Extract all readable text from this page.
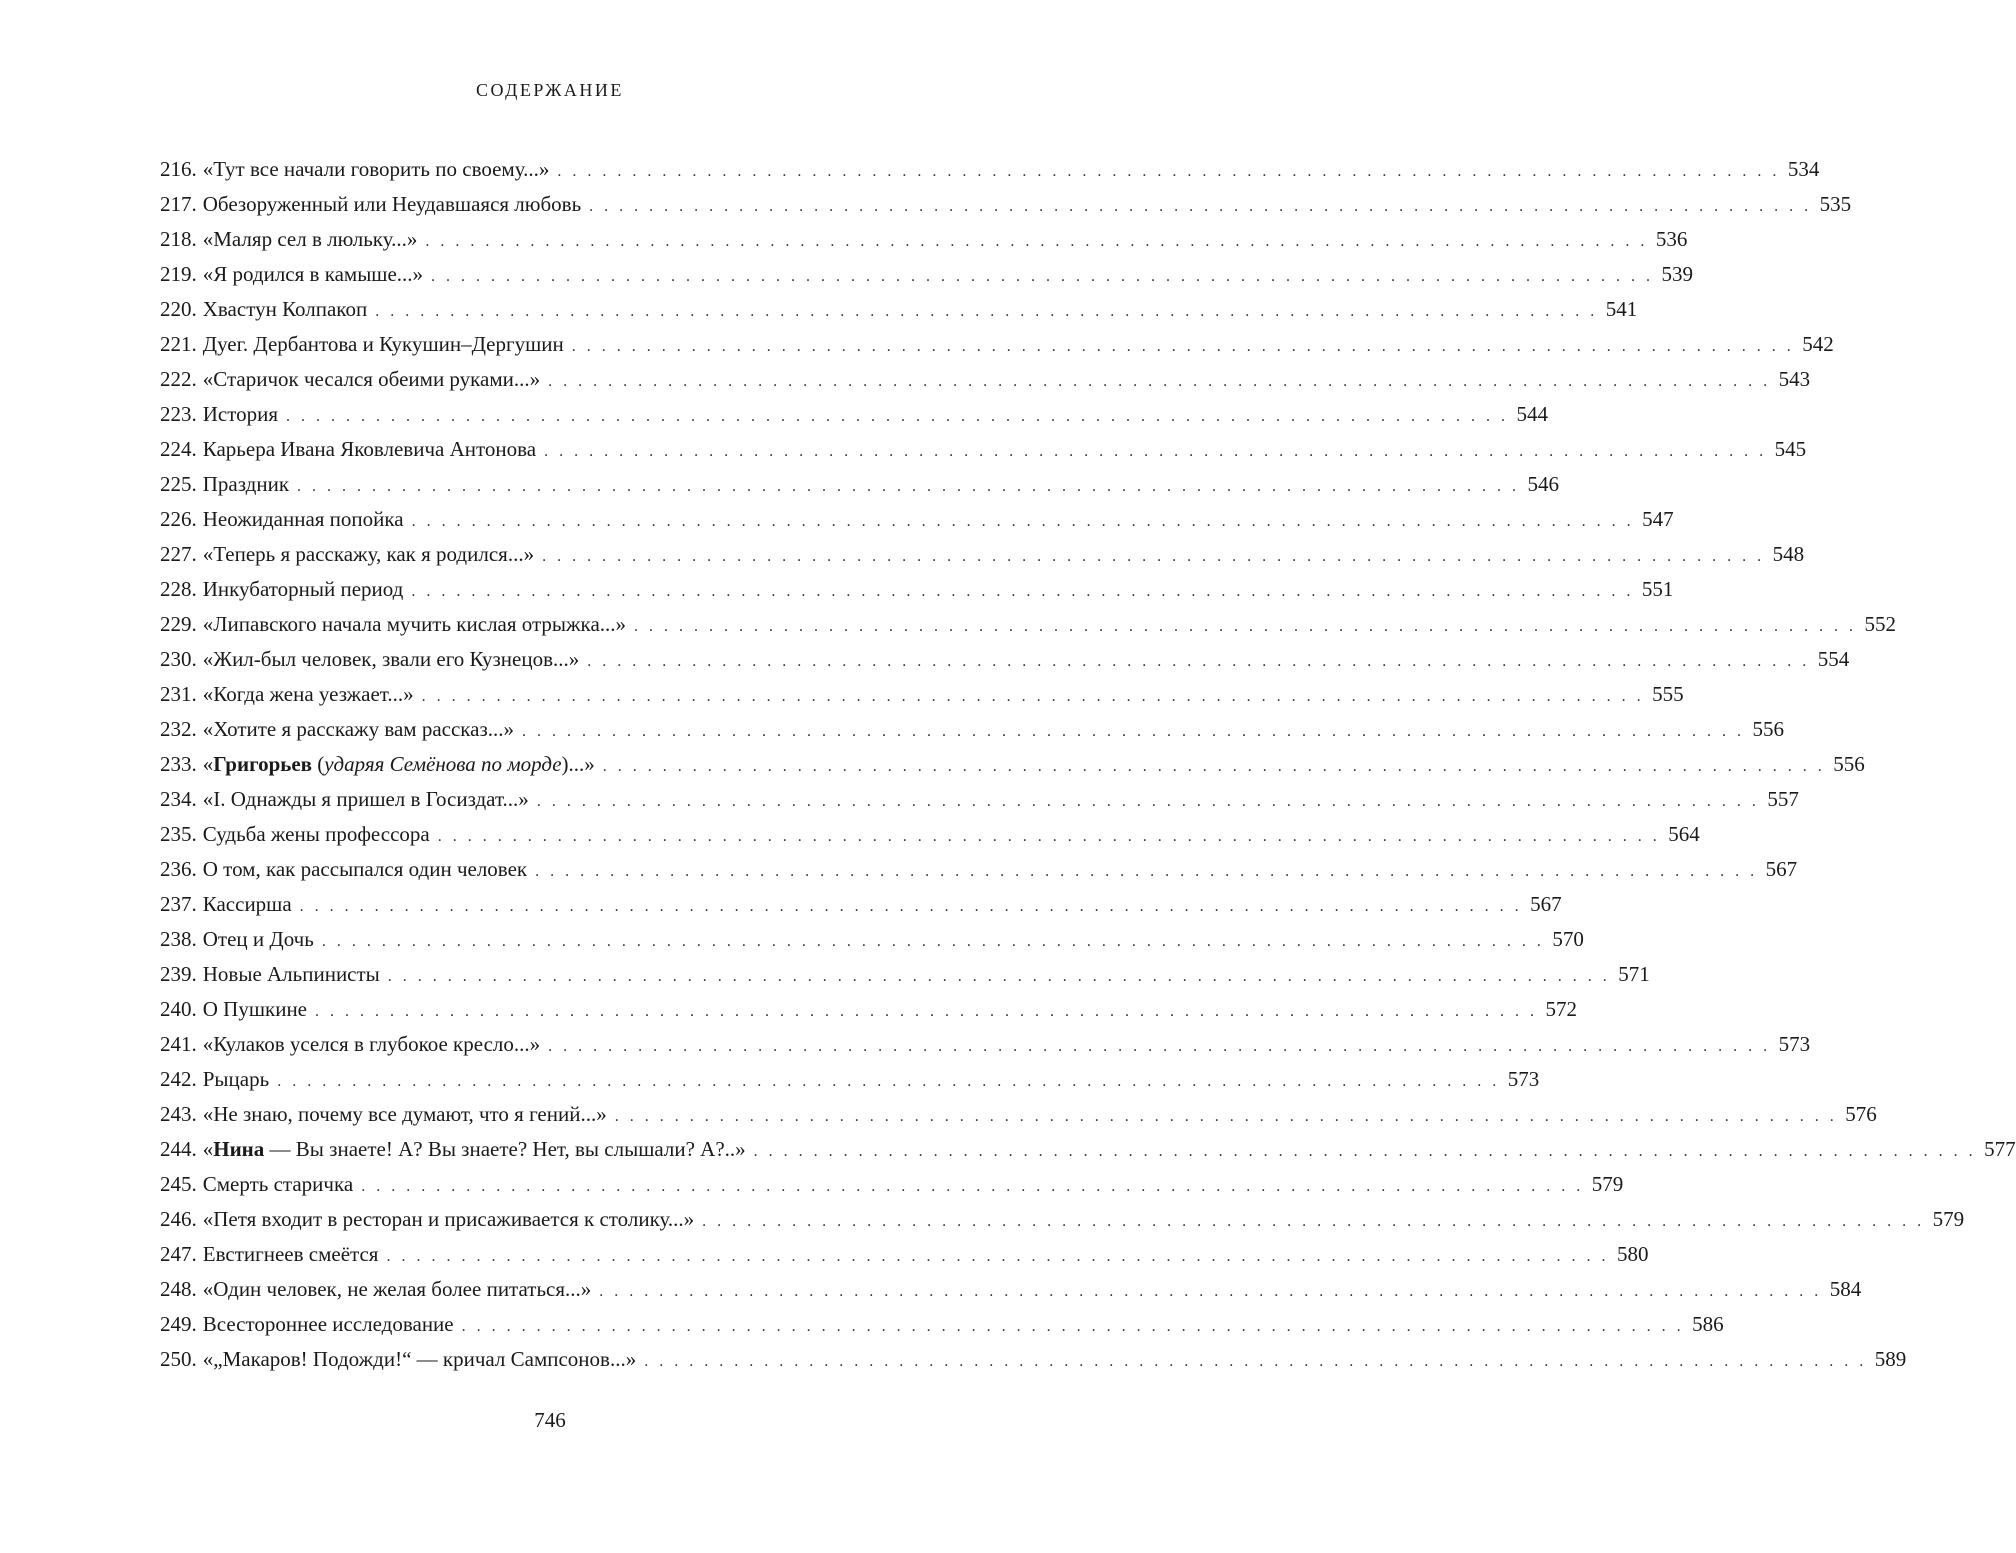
СОДЕРЖАНИЕ
216. «Тут все начали говорить по своему...» . . .	534
217. Обезоруженный или Неудавшаяся любовь . . .	535
218. «Маляр сел в люльку...» . . .	536
219. «Я родился в камыше...» . . .	539
220. Хвастун Колпакоп . . .	541
221. Дуег. Дербантова и Кукушин–Дергушин . . .	542
222. «Старичок чесался обеими руками...» . . .	543
223. История . . .	544
224. Карьера Ивана Яковлевича Антонова . . .	545
225. Праздник . . .	546
226. Неожиданная попойка . . .	547
227. «Теперь я расскажу, как я родился...» . . .	548
228. Инкубаторный период . . .	551
229. «Липавского начала мучить кислая отрыжка...» . . .	552
230. «Жил-был человек, звали его Кузнецов...» . . .	554
231. «Когда жена уезжает...» . . .	555
232. «Хотите я расскажу вам рассказ...» . . .	556
233. «Григорьев (ударяя Семёнова по морде)...» . . .	556
234. «I. Однажды я пришел в Госиздат...» . . .	557
235. Судьба жены профессора . . .	564
236. О том, как рассыпался один человек . . .	567
237. Кассирша . . .	567
238. Отец и Дочь . . .	570
239. Новые Альпинисты . . .	571
240. О Пушкине . . .	572
241. «Кулаков уселся в глубокое кресло...» . . .	573
242. Рыцарь . . .	573
243. «Не знаю, почему все думают, что я гений...» . . .	576
244. «Нина — Вы знаете! А? Вы знаете? Нет, вы слышали? А?..» . . .	577
245. Смерть старичка . . .	579
246. «Петя входит в ресторан и присаживается к столику...» . . .	579
247. Евстигнеев смеётся . . .	580
248. «Один человек, не желая более питаться...» . . .	584
249. Всестороннее исследование . . .	586
250. «„Макаров! Подожди!“ — кричал Сампсонов...» . . .	589
746
